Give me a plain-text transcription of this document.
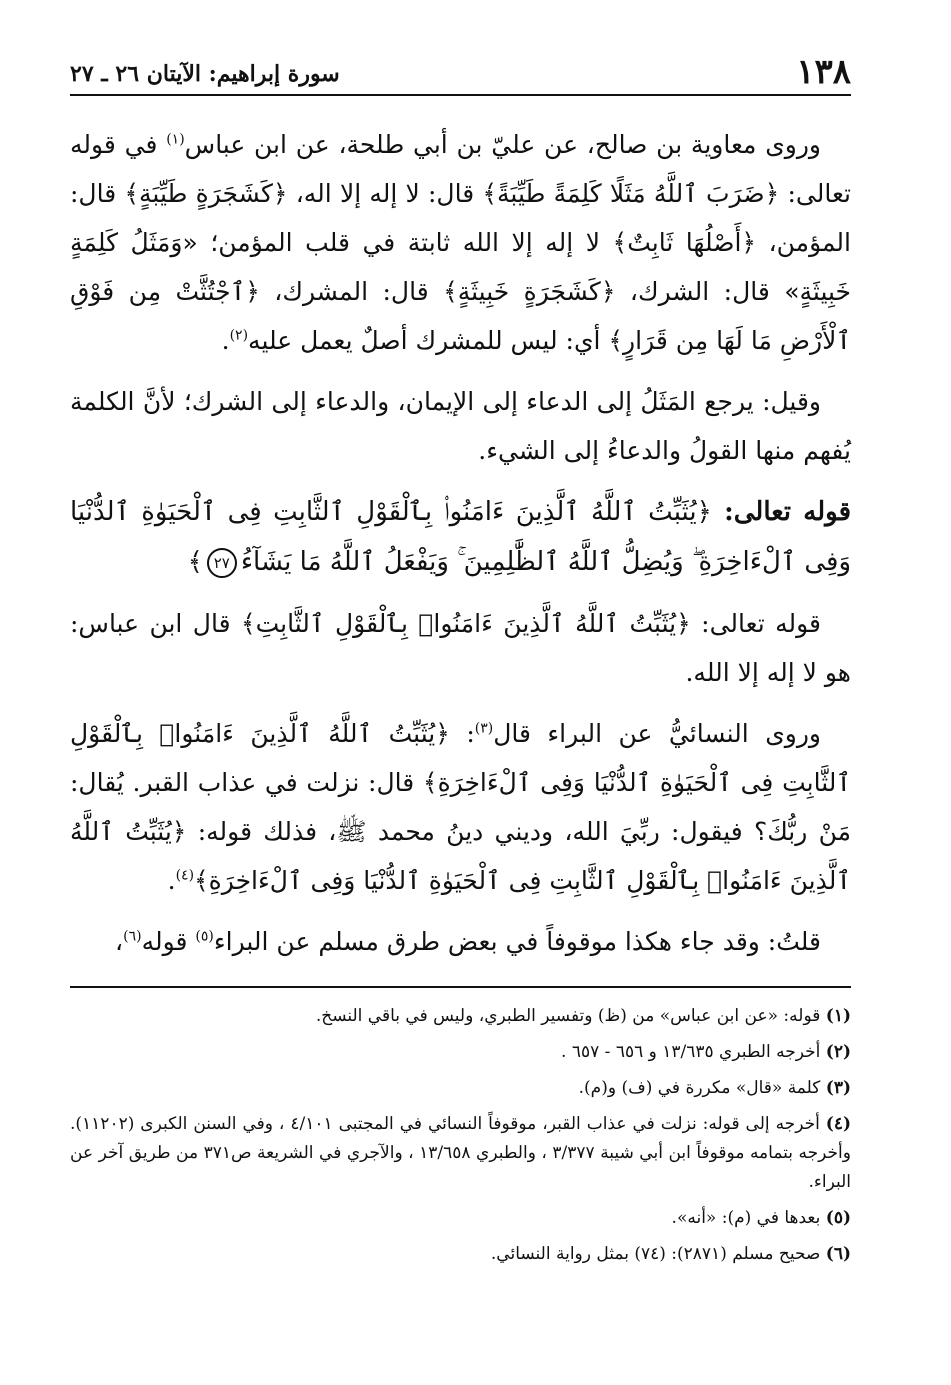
١٣٨
سورة إبراهيم: الآيتان ٢٦ ـ ٢٧

وروى معاوية بن صالح، عن عليّ بن أبي طلحة، عن ابن عباس$^{(١)}$ في قوله تعالى: ﴿ضَرَبَ ٱللَّهُ مَثَلًا كَلِمَةً طَيِّبَةً﴾ قال: لا إله إلا اله، ﴿كَشَجَرَةٍ طَيِّبَةٍ﴾ قال: المؤمن، ﴿أَصْلُهَا ثَابِتٌ﴾ لا إله إلا الله ثابتة في قلب المؤمن؛ «وَمَثَلُ كَلِمَةٍ خَبِيثَةٍ» قال: الشرك، ﴿كَشَجَرَةٍ خَبِيثَةٍ﴾ قال: المشرك، ﴿ٱجْتُثَّتْ مِن فَوْقِ ٱلْأَرْضِ مَا لَهَا مِن قَرَارٍ﴾ أي: ليس للمشرك أصلٌ يعمل عليه$^{(٢)}$.

وقيل: يرجع المَثَلُ إلى الدعاء إلى الإيمان، والدعاء إلى الشرك؛ لأنَّ الكلمة يُفهم منها القولُ والدعاءُ إلى الشيء.

قوله تعالى: ﴿يُثَبِّتُ ٱللَّهُ ٱلَّذِينَ ءَامَنُوا۟ بِٱلْقَوْلِ ٱلثَّابِتِ فِى ٱلْحَيَوٰةِ ٱلدُّنْيَا وَفِى ٱلْءَاخِرَةِ ۖ وَيُضِلُّ ٱللَّهُ ٱلظَّٰلِمِينَ ۚ وَيَفْعَلُ ٱللَّهُ مَا يَشَآءُ٢٧﴾

قوله تعالى: ﴿يُثَبِّتُ ٱللَّهُ ٱلَّذِينَ ءَامَنُوا۟ بِٱلْقَوْلِ ٱلثَّابِتِ﴾ قال ابن عباس: هو لا إله إلا الله.

وروى النسائيُّ عن البراء قال$^{(٣)}$: ﴿يُثَبِّتُ ٱللَّهُ ٱلَّذِينَ ءَامَنُوا۟ بِٱلْقَوْلِ ٱلثَّابِتِ فِى ٱلْحَيَوٰةِ ٱلدُّنْيَا وَفِى ٱلْءَاخِرَةِ﴾ قال: نزلت في عذاب القبر. يُقال: مَنْ ربُّكَ؟ فيقول: ربِّيَ الله، وديني دينُ محمد ﷺ، فذلك قوله: ﴿يُثَبِّتُ ٱللَّهُ ٱلَّذِينَ ءَامَنُوا۟ بِٱلْقَوْلِ ٱلثَّابِتِ فِى ٱلْحَيَوٰةِ ٱلدُّنْيَا وَفِى ٱلْءَاخِرَةِ﴾$^{(٤)}$.

قلتُ: وقد جاء هكذا موقوفاً في بعض طرق مسلم عن البراء$^{(٥)}$ قوله$^{(٦)}$،

(١) قوله: «عن ابن عباس» من (ظ) وتفسير الطبري، وليس في باقي النسخ.

(٢) أخرجه الطبري ١٣/٦٣٥ و ٦٥٦ - ٦٥٧ .

(٣) كلمة «قال» مكررة في (ف) و(م).

(٤) أخرجه إلى قوله: نزلت في عذاب القبر، موقوفاً النسائي في المجتبى ٤/١٠١ ، وفي السنن الكبرى (١١٢٠٢). وأخرجه بتمامه موقوفاً ابن أبي شيبة ٣/٣٧٧ ، والطبري ١٣/٦٥٨ ، والآجري في الشريعة ص٣٧١ من طريق آخر عن البراء.

(٥) بعدها في (م): «أنه».

(٦) صحيح مسلم (٢٨٧١): (٧٤) بمثل رواية النسائي.
